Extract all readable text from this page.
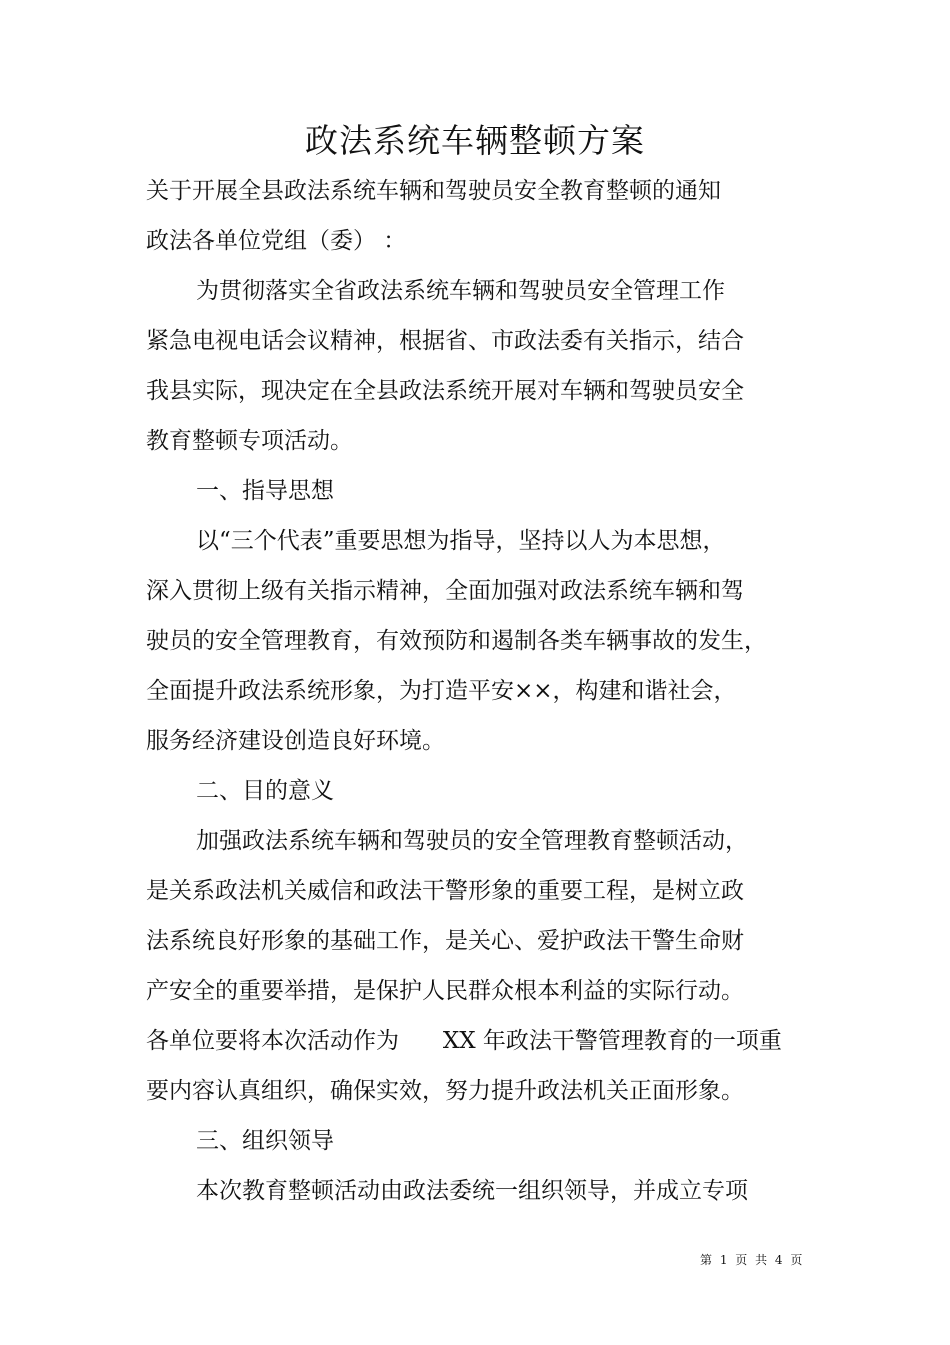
政法系统车辆整顿方案
关于开展全县政法系统车辆和驾驶员安全教育整顿的通知
政法各单位党组（委） ：
为贯彻落实全省政法系统车辆和驾驶员安全管理工作
紧急电视电话会议精神，根据省、市政法委有关指示，结合
我县实际，现决定在全县政法系统开展对车辆和驾驶员安全
教育整顿专项活动。
一、指导思想
以“三个代表”重要思想为指导，坚持以人为本思想，
深入贯彻上级有关指示精神，全面加强对政法系统车辆和驾
驶员的安全管理教育，有效预防和遏制各类车辆事故的发生，
全面提升政法系统形象，为打造平安××，构建和谐社会，
服务经济建设创造良好环境。
二、目的意义
加强政法系统车辆和驾驶员的安全管理教育整顿活动，
是关系政法机关威信和政法干警形象的重要工程，是树立政
法系统良好形象的基础工作，是关心、爱护政法干警生命财
产安全的重要举措，是保护人民群众根本利益的实际行动。
各单位要将本次活动作为      XX 年政法干警管理教育的一项重
要内容认真组织，确保实效，努力提升政法机关正面形象。
三、组织领导
本次教育整顿活动由政法委统一组织领导，并成立专项
第 1 页 共 4 页
